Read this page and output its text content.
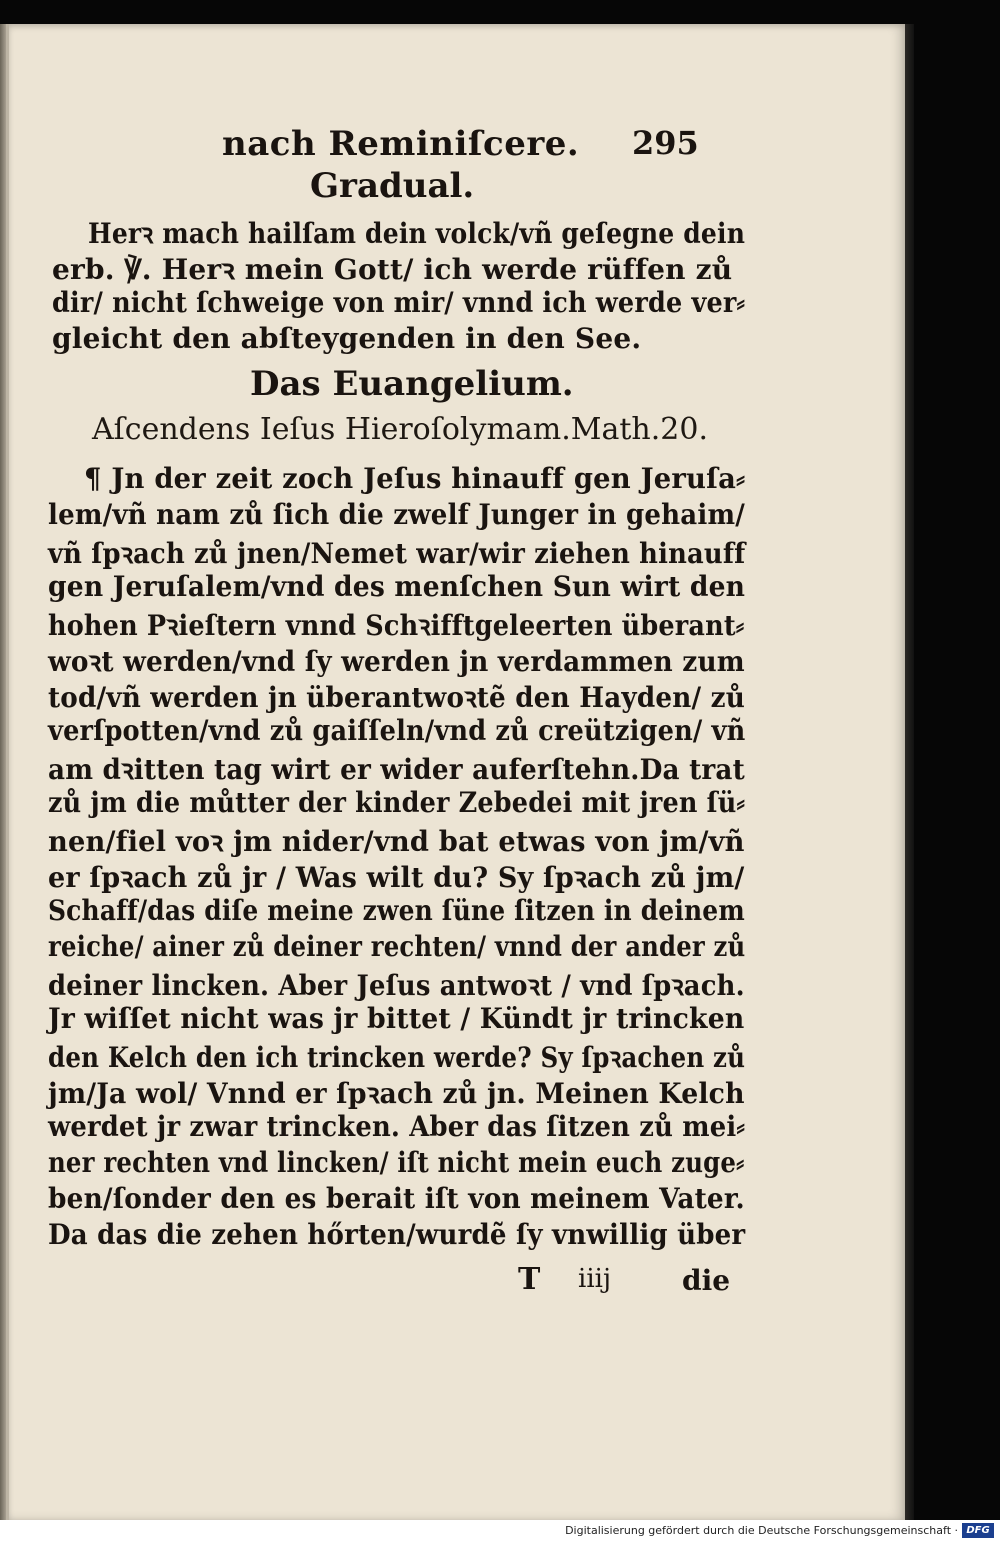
nach Reminiſcere. 295

Gradual.

Herꝛ mach hailſam dein volck/vñ geſegne dein

erb. ℣. Herꝛ mein Gott/ ich werde rüffen zů

dir/ nicht ſchweige von mir/ vnnd ich werde ver⸗

gleicht den abſteygenden in den See.

Das Euangelium.

Aſcendens Ieſus Hieroſolymam.Math.20.

¶ Jn der zeit zoch Jeſus hinauff gen Jeruſa⸗

lem/vñ nam zů ſich die zwelf Junger in gehaim/

vñ ſpꝛach zů jnen/Nemet war/wir ziehen hinauff

gen Jeruſalem/vnd des menſchen Sun wirt den

hohen Pꝛieſtern vnnd Schꝛifftgeleerten überant⸗

woꝛt werden/vnd ſy werden jn verdammen zum

tod/vñ werden jn überantwoꝛtẽ den Hayden/ zů

verſpotten/vnd zů gaiſſeln/vnd zů creützigen/ vñ

am dꝛitten tag wirt er wider auferſtehn.Da trat

zů jm die můtter der kinder Zebedei mit jren ſü⸗

nen/fiel voꝛ jm nider/vnd bat etwas von jm/vñ

er ſpꝛach zů jr / Was wilt du? Sy ſpꝛach zů jm/

Schaff/das diſe meine zwen ſüne ſitzen in deinem

reiche/ ainer zů deiner rechten/ vnnd der ander zů

deiner lincken. Aber Jeſus antwoꝛt / vnd ſpꝛach.

Jr wiſſet nicht was jr bittet / Kündt jr trincken

den Kelch den ich trincken werde? Sy ſpꝛachen zů

jm/Ja wol/ Vnnd er ſpꝛach zů jn. Meinen Kelch

werdet jr zwar trincken. Aber das ſitzen zů mei⸗

ner rechten vnd lincken/ iſt nicht mein euch zuge⸗

ben/ſonder den es berait iſt von meinem Vater.

Da das die zehen hőrten/wurdẽ ſy vnwillig über

T iiij	die
Digitalisierung gefördert durch die Deutsche Forschungsgemeinschaft · DFG
